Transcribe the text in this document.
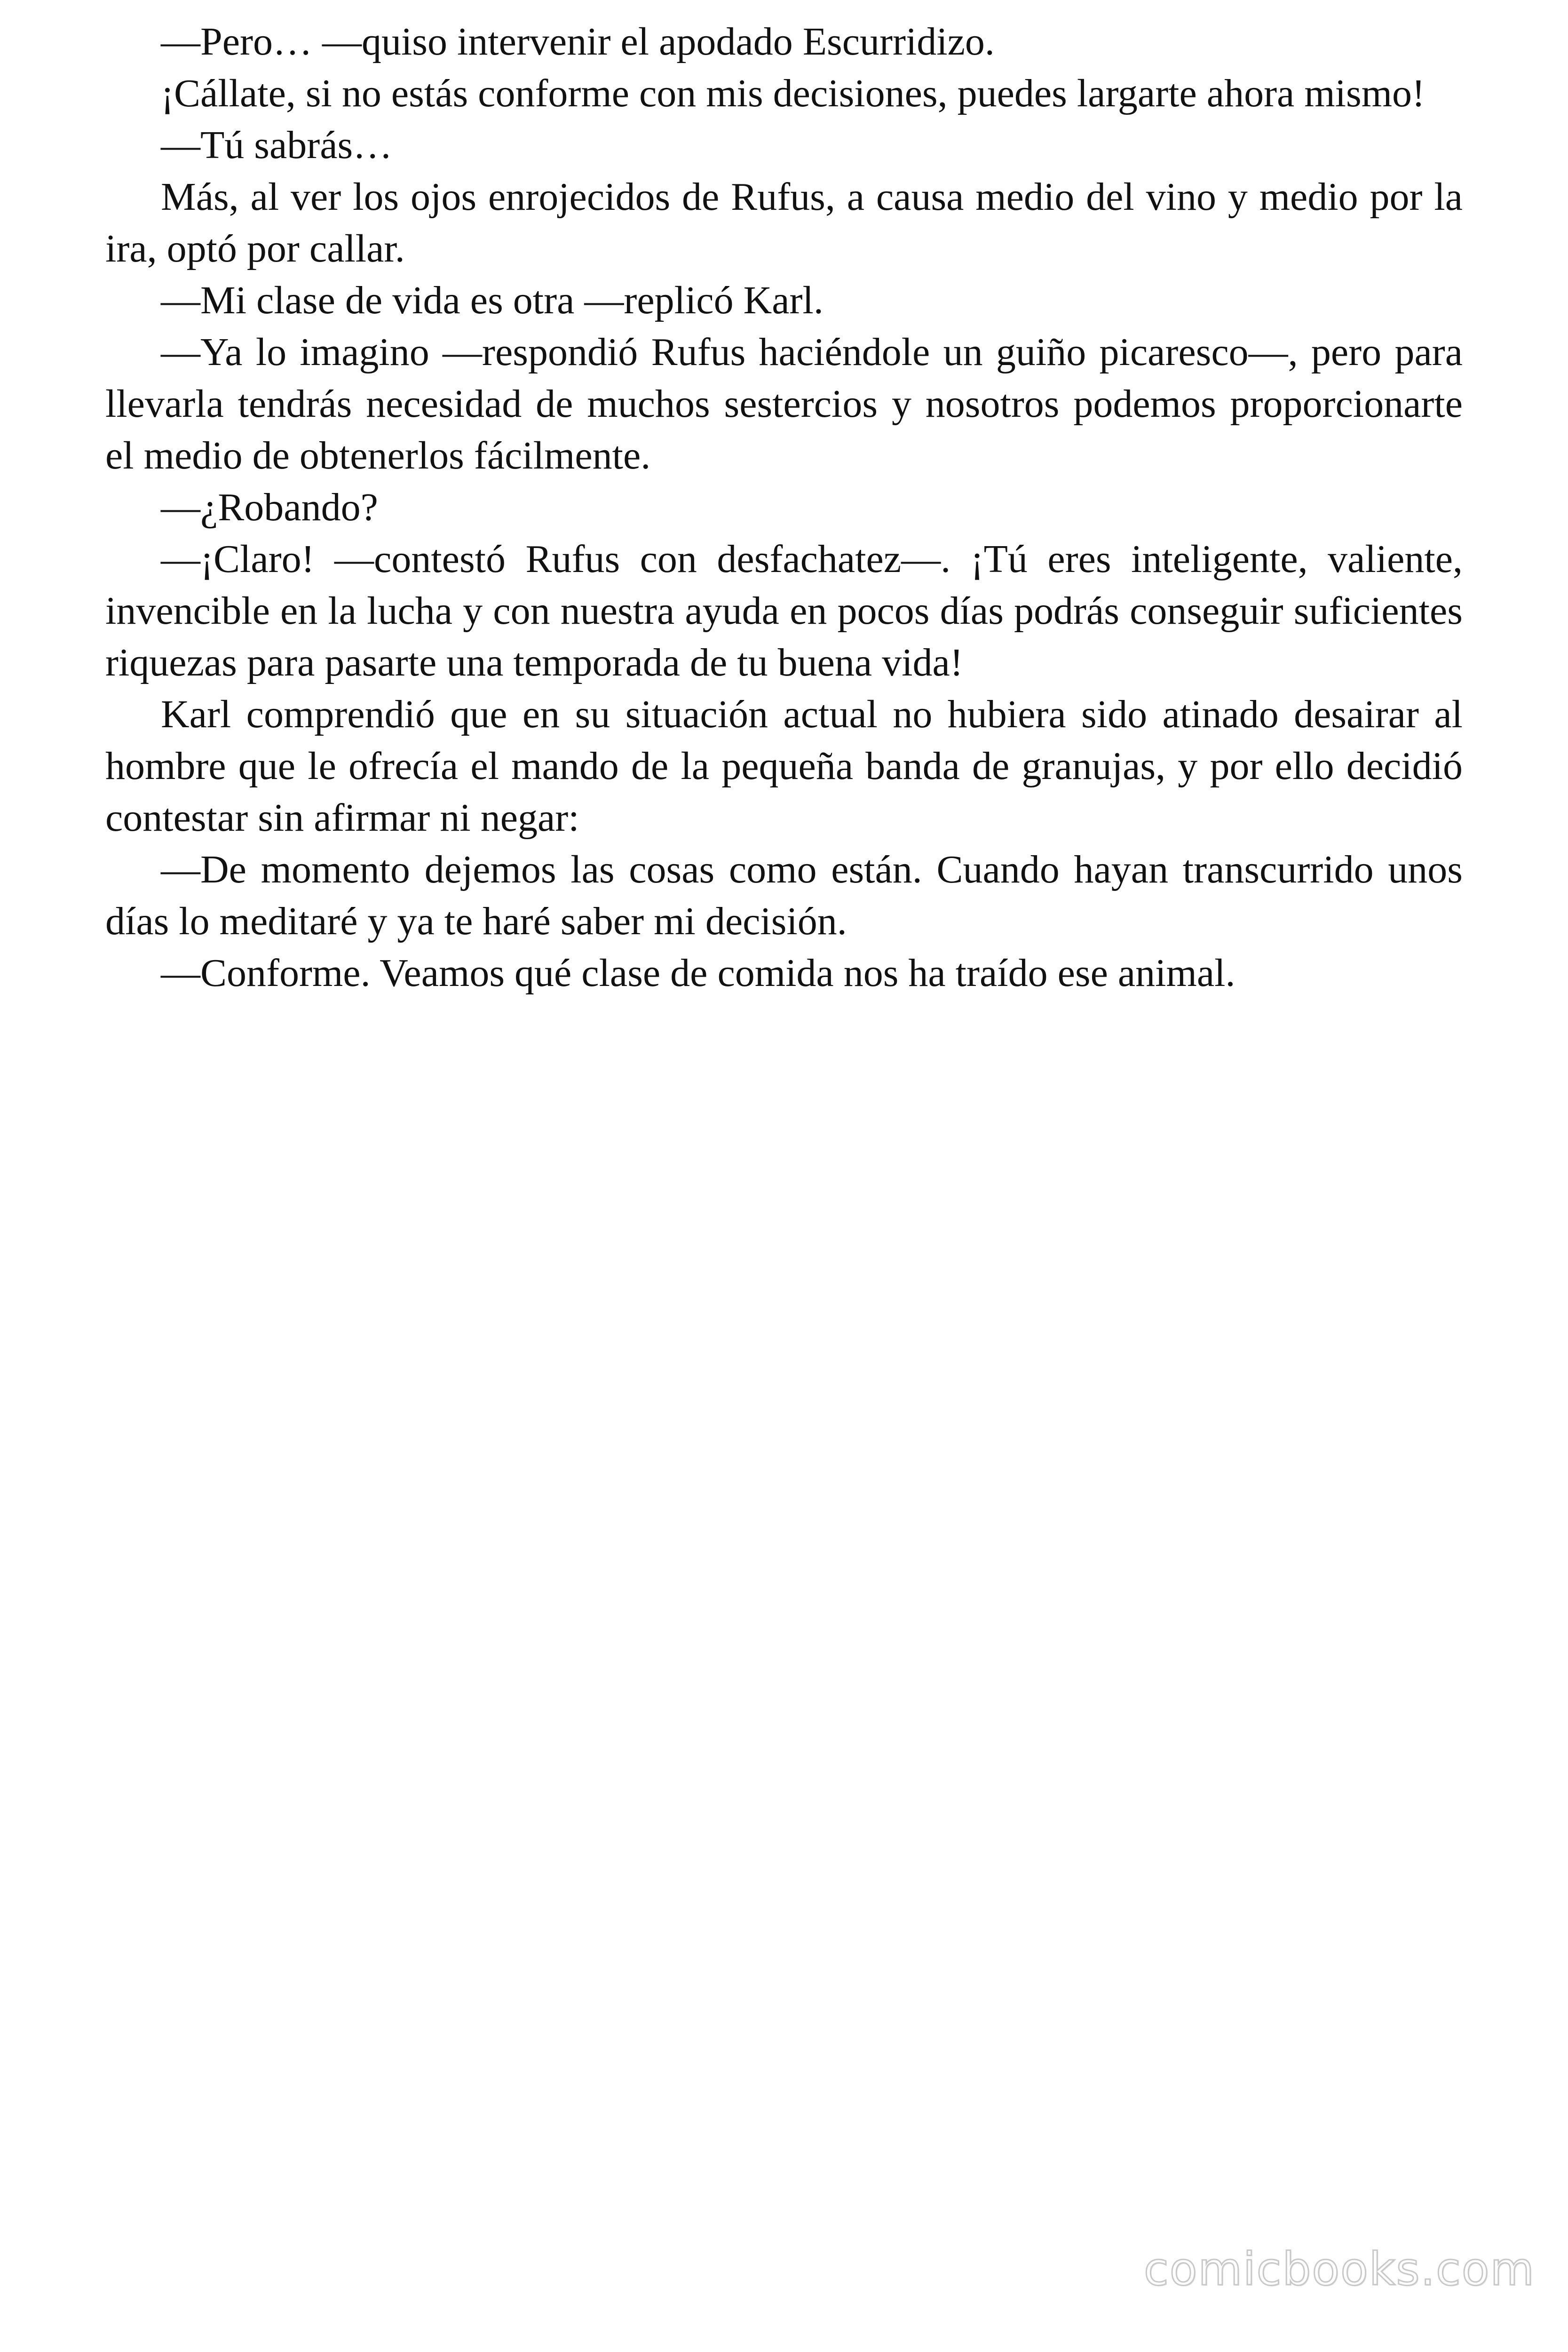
—Pero… —quiso intervenir el apodado Escurridizo.

¡Cállate, si no estás conforme con mis decisiones, puedes largarte ahora mismo!

—Tú sabrás…

Más, al ver los ojos enrojecidos de Rufus, a causa medio del vino y medio por la ira, optó por callar.

—Mi clase de vida es otra —replicó Karl.

—Ya lo imagino —respondió Rufus haciéndole un guiño picaresco—, pero para llevarla tendrás necesidad de muchos sestercios y nosotros podemos proporcionarte el medio de obtenerlos fácilmente.

—¿Robando?

—¡Claro! —contestó Rufus con desfachatez—. ¡Tú eres inteligente, valiente, invencible en la lucha y con nuestra ayuda en pocos días podrás conseguir suficientes riquezas para pasarte una temporada de tu buena vida!

Karl comprendió que en su situación actual no hubiera sido atinado desairar al hombre que le ofrecía el mando de la pequeña banda de granujas, y por ello decidió contestar sin afirmar ni negar:

—De momento dejemos las cosas como están. Cuando hayan transcurrido unos días lo meditaré y ya te haré saber mi decisión.

—Conforme. Veamos qué clase de comida nos ha traído ese animal.

comicbooks.com
